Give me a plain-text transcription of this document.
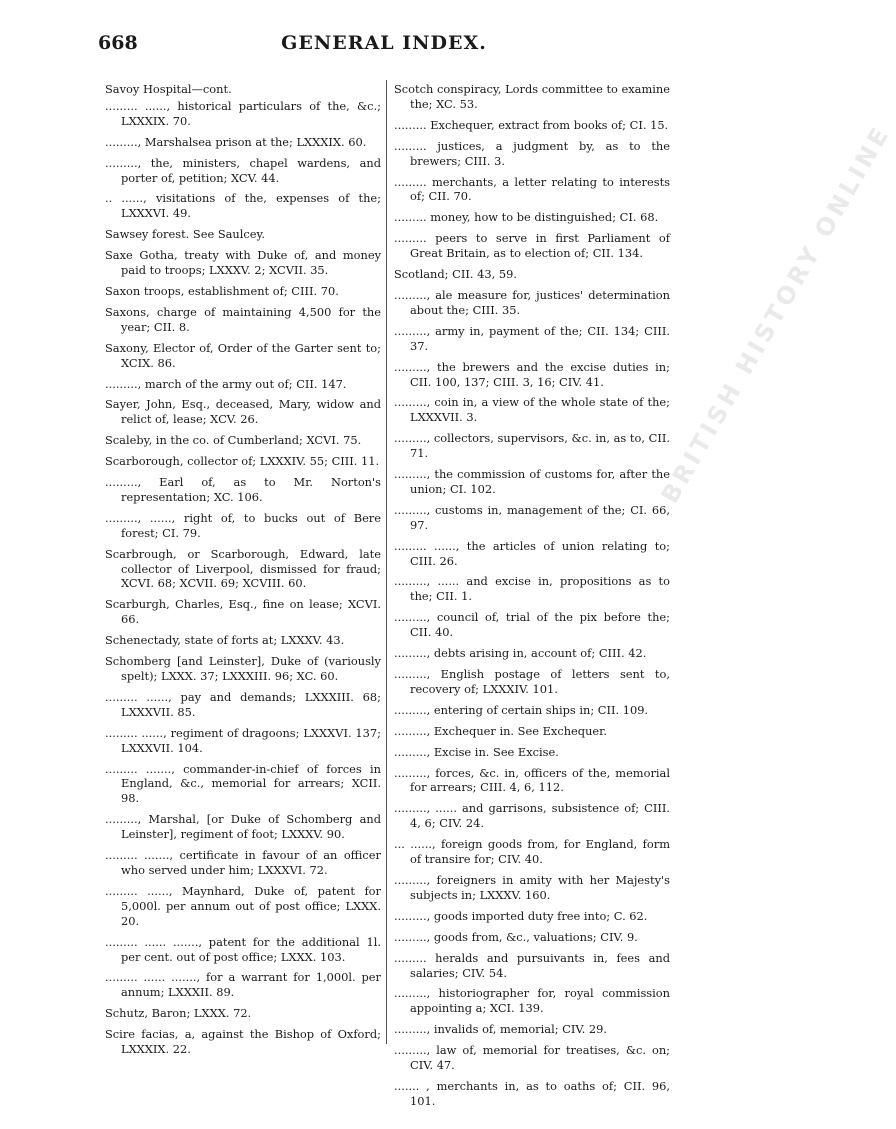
GENERAL INDEX.
668
BRITISH HISTORY ONLINE

Savoy Hospital—cont.

......... ......, historical particulars of the, &c.; LXXXIX. 70.

........., Marshalsea prison at the; LXXXIX. 60.

........., the, ministers, chapel wardens, and porter of, petition; XCV. 44.

.. ......, visitations of the, expenses of the; LXXXVI. 49.

Sawsey forest. See Saulcey.

Saxe Gotha, treaty with Duke of, and money paid to troops; LXXXV. 2; XCVII. 35.

Saxon troops, establishment of; CIII. 70.

Saxons, charge of maintaining 4,500 for the year; CII. 8.

Saxony, Elector of, Order of the Garter sent to; XCIX. 86.

........., march of the army out of; CII. 147.

Sayer, John, Esq., deceased, Mary, widow and relict of, lease; XCV. 26.

Scaleby, in the co. of Cumberland; XCVI. 75.

Scarborough, collector of; LXXXIV. 55; CIII. 11.

........., Earl of, as to Mr. Norton's representation; XC. 106.

........., ......, right of, to bucks out of Bere forest; CI. 79.

Scarbrough, or Scarborough, Edward, late collector of Liverpool, dismissed for fraud; XCVI. 68; XCVII. 69; XCVIII. 60.

Scarburgh, Charles, Esq., fine on lease; XCVI. 66.

Schenectady, state of forts at; LXXXV. 43.

Schomberg [and Leinster], Duke of (variously spelt); LXXX. 37; LXXXIII. 96; XC. 60.

......... ......, pay and demands; LXXXIII. 68; LXXXVII. 85.

......... ......, regiment of dragoons; LXXXVI. 137; LXXXVII. 104.

......... ......., commander-in-chief of forces in England, &c., memorial for arrears; XCII. 98.

........., Marshal, [or Duke of Schomberg and Leinster], regiment of foot; LXXXV. 90.

......... ......., certificate in favour of an officer who served under him; LXXXVI. 72.

......... ......, Maynhard, Duke of, patent for 5,000l. per annum out of post office; LXXX. 20.

......... ...... ......., patent for the additional 1l. per cent. out of post office; LXXX. 103.

......... ...... ......., for a warrant for 1,000l. per annum; LXXXII. 89.

Schutz, Baron; LXXX. 72.

Scire facias, a, against the Bishop of Oxford; LXXXIX. 22.

Scotch conspiracy, Lords committee to examine the; XC. 53.

......... Exchequer, extract from books of; CI. 15.

......... justices, a judgment by, as to the brewers; CIII. 3.

......... merchants, a letter relating to interests of; CII. 70.

......... money, how to be distinguished; CI. 68.

......... peers to serve in first Parliament of Great Britain, as to election of; CII. 134.

Scotland; CII. 43, 59.

........., ale measure for, justices' determination about the; CIII. 35.

........., army in, payment of the; CII. 134; CIII. 37.

........., the brewers and the excise duties in; CII. 100, 137; CIII. 3, 16; CIV. 41.

........., coin in, a view of the whole state of the; LXXXVII. 3.

........., collectors, supervisors, &c. in, as to, CII. 71.

........., the commission of customs for, after the union; CI. 102.

........., customs in, management of the; CI. 66, 97.

......... ......, the articles of union relating to; CIII. 26.

........., ...... and excise in, propositions as to the; CII. 1.

........., council of, trial of the pix before the; CII. 40.

........., debts arising in, account of; CIII. 42.

........., English postage of letters sent to, recovery of; LXXXIV. 101.

........., entering of certain ships in; CII. 109.

........., Exchequer in. See Exchequer.

........., Excise in. See Excise.

........., forces, &c. in, officers of the, memorial for arrears; CIII. 4, 6, 112.

........., ...... and garrisons, subsistence of; CIII. 4, 6; CIV. 24.

... ......, foreign goods from, for England, form of transire for; CIV. 40.

........., foreigners in amity with her Majesty's subjects in; LXXXV. 160.

........., goods imported duty free into; C. 62.

........., goods from, &c., valuations; CIV. 9.

......... heralds and pursuivants in, fees and salaries; CIV. 54.

........., historiographer for, royal commission appointing a; XCI. 139.

........., invalids of, memorial; CIV. 29.

........., law of, memorial for treatises, &c. on; CIV. 47.

....... , merchants in, as to oaths of; CII. 96, 101.
